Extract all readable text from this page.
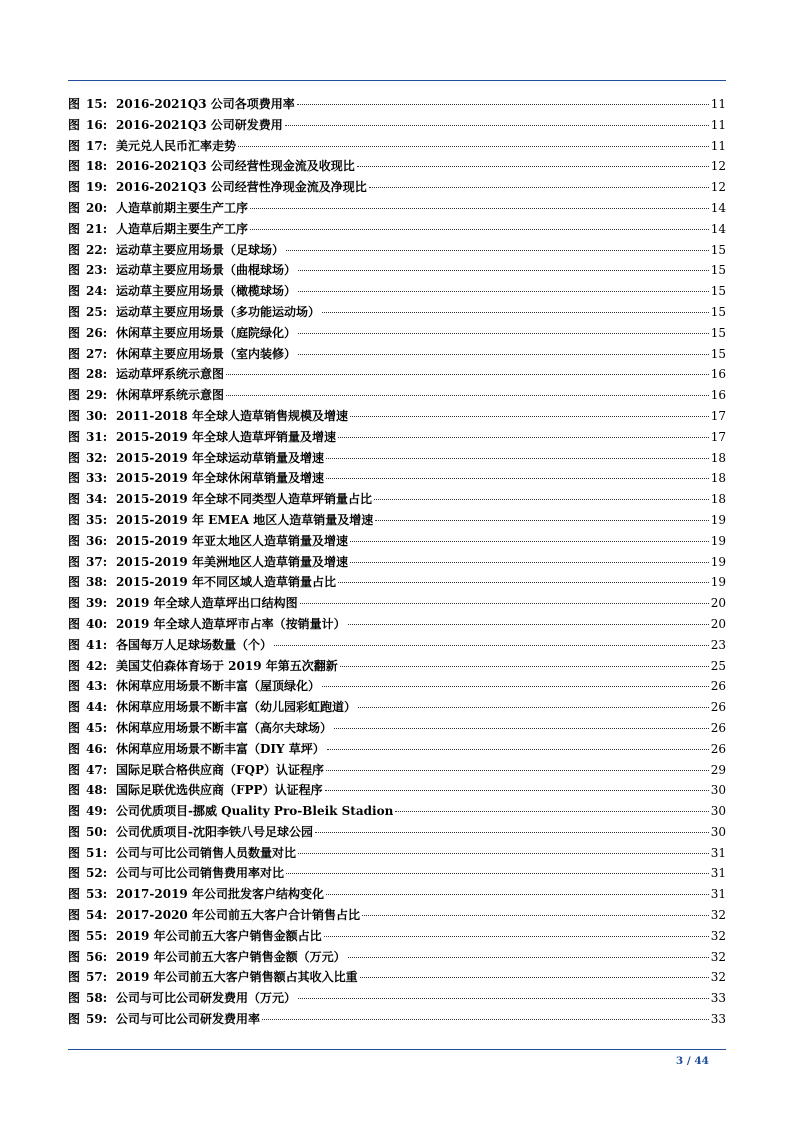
图 15: 2016-2021Q3 公司各项费用率	11
图 16: 2016-2021Q3 公司研发费用	11
图 17: 美元兑人民币汇率走势	11
图 18: 2016-2021Q3 公司经营性现金流及收现比	12
图 19: 2016-2021Q3 公司经营性净现金流及净现比	12
图 20: 人造草前期主要生产工序	14
图 21: 人造草后期主要生产工序	14
图 22: 运动草主要应用场景（足球场）	15
图 23: 运动草主要应用场景（曲棍球场）	15
图 24: 运动草主要应用场景（橄榄球场）	15
图 25: 运动草主要应用场景（多功能运动场）	15
图 26: 休闲草主要应用场景（庭院绿化）	15
图 27: 休闲草主要应用场景（室内装修）	15
图 28: 运动草坪系统示意图	16
图 29: 休闲草坪系统示意图	16
图 30: 2011-2018 年全球人造草销售规模及增速	17
图 31: 2015-2019 年全球人造草坪销量及增速	17
图 32: 2015-2019 年全球运动草销量及增速	18
图 33: 2015-2019 年全球休闲草销量及增速	18
图 34: 2015-2019 年全球不同类型人造草坪销量占比	18
图 35: 2015-2019 年 EMEA 地区人造草销量及增速	19
图 36: 2015-2019 年亚太地区人造草销量及增速	19
图 37: 2015-2019 年美洲地区人造草销量及增速	19
图 38: 2015-2019 年不同区域人造草销量占比	19
图 39: 2019 年全球人造草坪出口结构图	20
图 40: 2019 年全球人造草坪市占率（按销量计）	20
图 41: 各国每万人足球场数量（个）	23
图 42: 美国艾伯森体育场于 2019 年第五次翻新	25
图 43: 休闲草应用场景不断丰富（屋顶绿化）	26
图 44: 休闲草应用场景不断丰富（幼儿园彩虹跑道）	26
图 45: 休闲草应用场景不断丰富（高尔夫球场）	26
图 46: 休闲草应用场景不断丰富（DIY 草坪）	26
图 47: 国际足联合格供应商（FQP）认证程序	29
图 48: 国际足联优选供应商（FPP）认证程序	30
图 49: 公司优质项目-挪威 Quality Pro-Bleik Stadion	30
图 50: 公司优质项目-沈阳李铁八号足球公园	30
图 51: 公司与可比公司销售人员数量对比	31
图 52: 公司与可比公司销售费用率对比	31
图 53: 2017-2019 年公司批发客户结构变化	31
图 54: 2017-2020 年公司前五大客户合计销售占比	32
图 55: 2019 年公司前五大客户销售金额占比	32
图 56: 2019 年公司前五大客户销售金额（万元）	32
图 57: 2019 年公司前五大客户销售额占其收入比重	32
图 58: 公司与可比公司研发费用（万元）	33
图 59: 公司与可比公司研发费用率	33
3 / 44
